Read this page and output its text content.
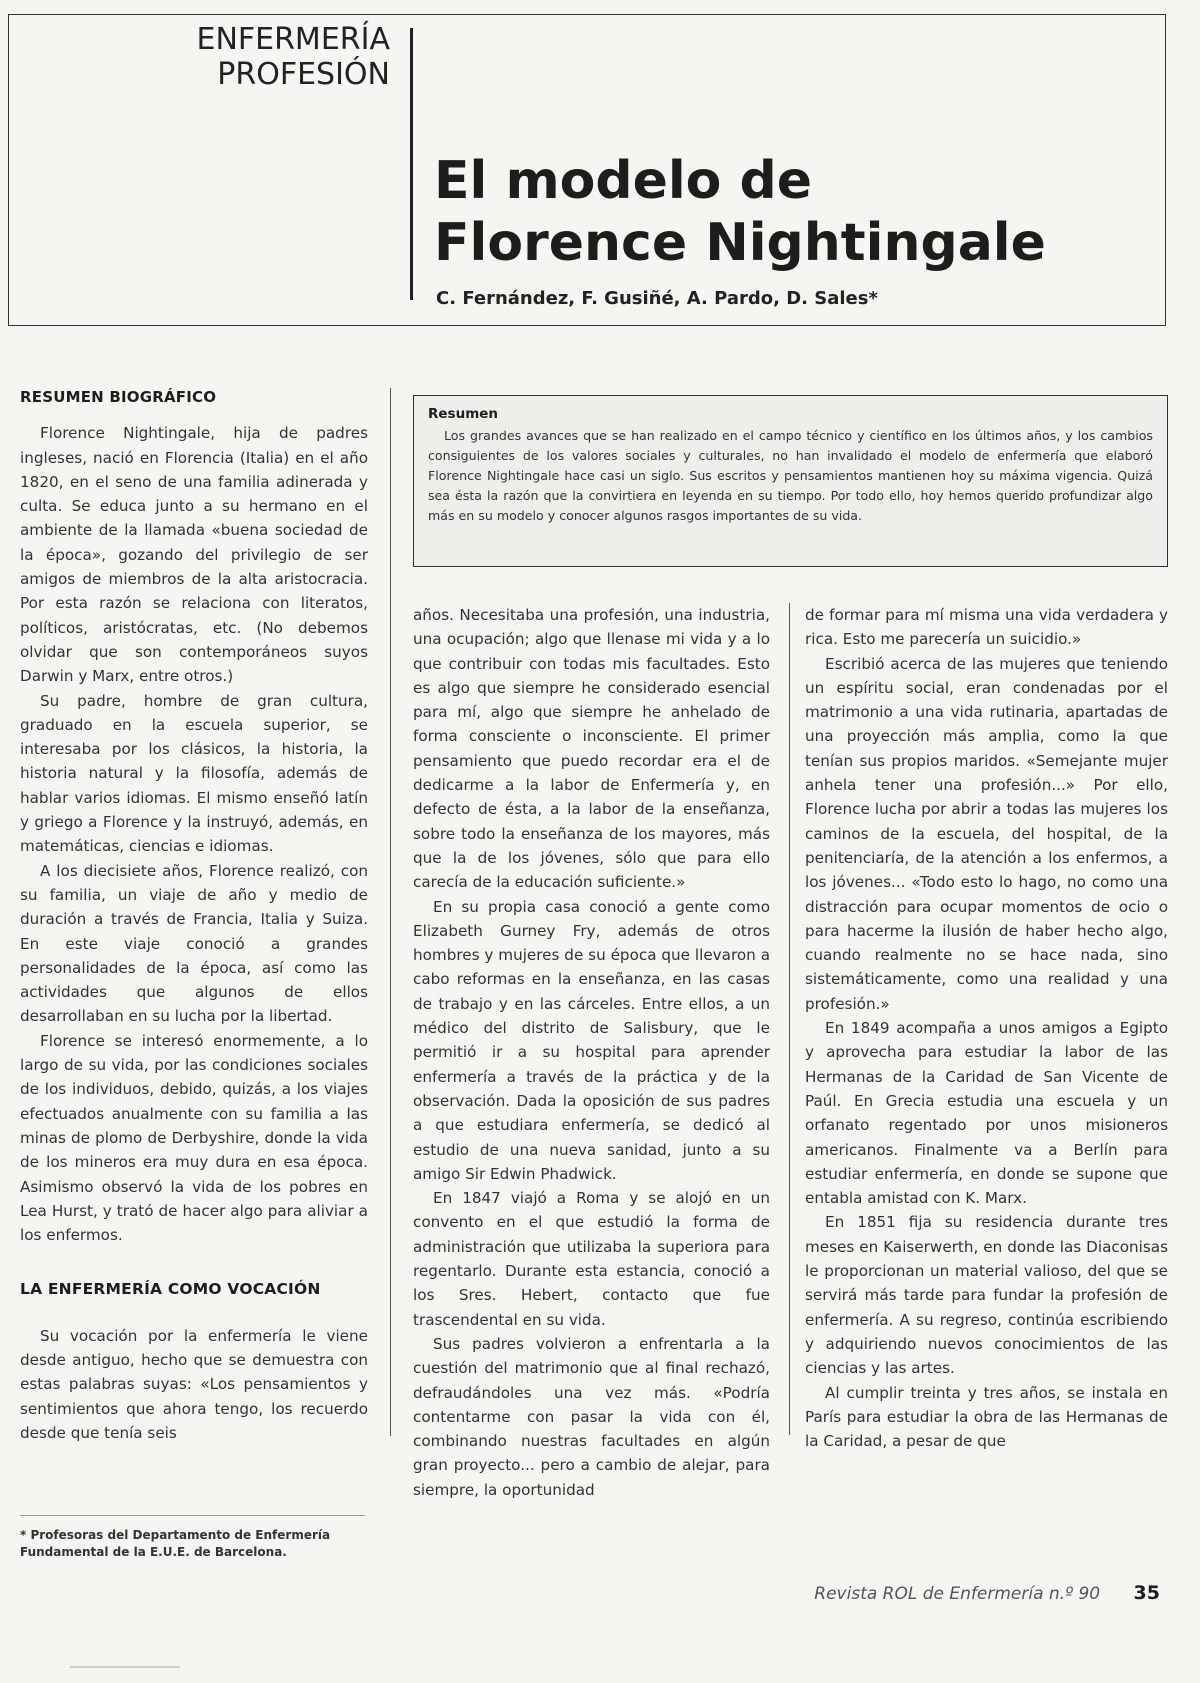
ENFERMERÍA
PROFESIÓN
El modelo de
Florence Nightingale
C. Fernández, F. Gusiñé, A. Pardo, D. Sales*
RESUMEN BIOGRÁFICO

Florence Nightingale, hija de padres ingleses, nació en Florencia (Italia) en el año 1820, en el seno de una familia adinerada y culta. Se educa junto a su hermano en el ambiente de la llamada «buena sociedad de la época», gozando del privilegio de ser amigos de miembros de la alta aristocracia. Por esta razón se relaciona con literatos, políticos, aristócratas, etc. (No debemos olvidar que son contemporáneos suyos Darwin y Marx, entre otros.)

Su padre, hombre de gran cultura, graduado en la escuela superior, se interesaba por los clásicos, la historia, la historia natural y la filosofía, además de hablar varios idiomas. El mismo enseñó latín y griego a Florence y la instruyó, además, en matemáticas, ciencias e idiomas.

A los diecisiete años, Florence realizó, con su familia, un viaje de año y medio de duración a través de Francia, Italia y Suiza. En este viaje conoció a grandes personalidades de la época, así como las actividades que algunos de ellos desarrollaban en su lucha por la libertad.

Florence se interesó enormemente, a lo largo de su vida, por las condiciones sociales de los individuos, debido, quizás, a los viajes efectuados anualmente con su familia a las minas de plomo de Derbyshire, donde la vida de los mineros era muy dura en esa época. Asimismo observó la vida de los pobres en Lea Hurst, y trató de hacer algo para aliviar a los enfermos.

LA ENFERMERÍA COMO VOCACIÓN

Su vocación por la enfermería le viene desde antiguo, hecho que se demuestra con estas palabras suyas: «Los pensamientos y sentimientos que ahora tengo, los recuerdo desde que tenía seis

* Profesoras del Departamento de Enfermería
Fundamental de la E.U.E. de Barcelona.
Resumen

Los grandes avances que se han realizado en el campo técnico y científico en los últimos años, y los cambios consiguientes de los valores sociales y culturales, no han invalidado el modelo de enfermería que elaboró Florence Nightingale hace casi un siglo. Sus escritos y pensamientos mantienen hoy su máxima vigencia. Quizá sea ésta la razón que la convirtiera en leyenda en su tiempo. Por todo ello, hoy hemos querido profundizar algo más en su modelo y conocer algunos rasgos importantes de su vida.

años. Necesitaba una profesión, una industria, una ocupación; algo que llenase mi vida y a lo que contribuir con todas mis facultades. Esto es algo que siempre he considerado esencial para mí, algo que siempre he anhelado de forma consciente o inconsciente. El primer pensamiento que puedo recordar era el de dedicarme a la labor de Enfermería y, en defecto de ésta, a la labor de la enseñanza, sobre todo la enseñanza de los mayores, más que la de los jóvenes, sólo que para ello carecía de la educación suficiente.»

En su propia casa conoció a gente como Elizabeth Gurney Fry, además de otros hombres y mujeres de su época que llevaron a cabo reformas en la enseñanza, en las casas de trabajo y en las cárceles. Entre ellos, a un médico del distrito de Salisbury, que le permitió ir a su hospital para aprender enfermería a través de la práctica y de la observación. Dada la oposición de sus padres a que estudiara enfermería, se dedicó al estudio de una nueva sanidad, junto a su amigo Sir Edwin Phadwick.

En 1847 viajó a Roma y se alojó en un convento en el que estudió la forma de administración que utilizaba la superiora para regentarlo. Durante esta estancia, conoció a los Sres. Hebert, contacto que fue trascendental en su vida.

Sus padres volvieron a enfrentarla a la cuestión del matrimonio que al final rechazó, defraudándoles una vez más. «Podría contentarme con pasar la vida con él, combinando nuestras facultades en algún gran proyecto... pero a cambio de alejar, para siempre, la oportunidad

de formar para mí misma una vida verdadera y rica. Esto me parecería un suicidio.»

Escribió acerca de las mujeres que teniendo un espíritu social, eran condenadas por el matrimonio a una vida rutinaria, apartadas de una proyección más amplia, como la que tenían sus propios maridos. «Semejante mujer anhela tener una profesión...» Por ello, Florence lucha por abrir a todas las mujeres los caminos de la escuela, del hospital, de la penitenciaría, de la atención a los enfermos, a los jóvenes... «Todo esto lo hago, no como una distracción para ocupar momentos de ocio o para hacerme la ilusión de haber hecho algo, cuando realmente no se hace nada, sino sistemáticamente, como una realidad y una profesión.»

En 1849 acompaña a unos amigos a Egipto y aprovecha para estudiar la labor de las Hermanas de la Caridad de San Vicente de Paúl. En Grecia estudia una escuela y un orfanato regentado por unos misioneros americanos. Finalmente va a Berlín para estudiar enfermería, en donde se supone que entabla amistad con K. Marx.

En 1851 fija su residencia durante tres meses en Kaiserwerth, en donde las Diaconisas le proporcionan un material valioso, del que se servirá más tarde para fundar la profesión de enfermería. A su regreso, continúa escribiendo y adquiriendo nuevos conocimientos de las ciencias y las artes.

Al cumplir treinta y tres años, se instala en París para estudiar la obra de las Hermanas de la Caridad, a pesar de que

Revista ROL de Enfermería n.º 90 35
